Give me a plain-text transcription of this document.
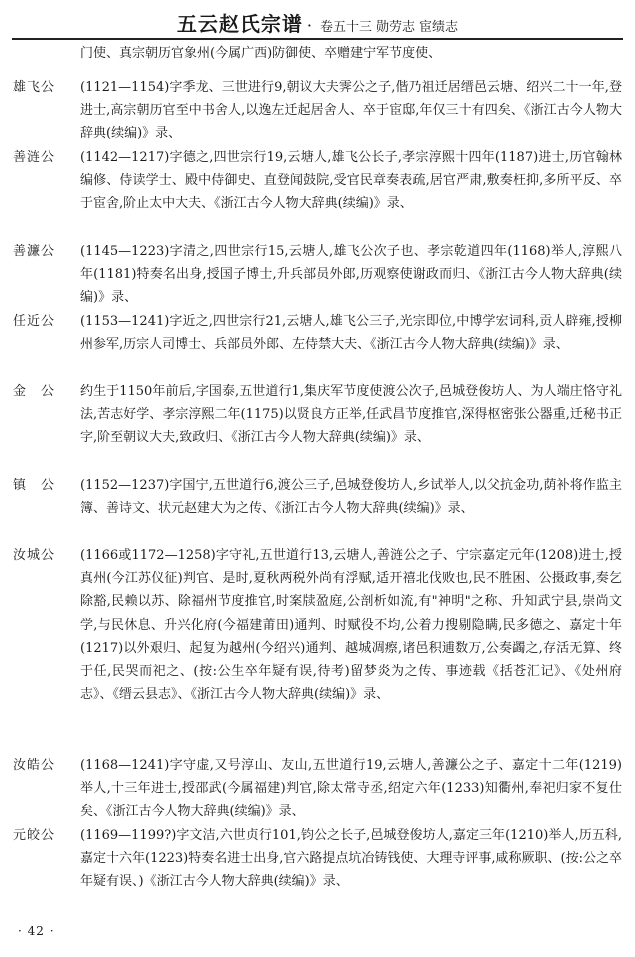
五云赵氏宗谱 · 卷五十三 勋劳志 宦绩志
门使、真宗朝历官象州(今属广西)防御使、卒赠建宁军节度使、
雄飞公	(1121—1154)字季龙、三世进行9,朝议大夫霁公之子,偕乃祖迁居缙邑云塘、绍兴二十一年,登进士,高宗朝历官至中书舍人,以逸左迁起居舍人、卒于宦邸,年仅三十有四矣、《浙江古今人物大辞典(续编)》录、
善涟公	(1142—1217)字德之,四世宗行19,云塘人,雄飞公长子,孝宗淳熙十四年(1187)进士,历官翰林编修、侍读学士、殿中侍御史、直登闻鼓院,受官民章奏表疏,居官严肃,敷奏枉抑,多所平反、卒于宦舍,阶止太中大夫、《浙江古今人物大辞典(续编)》录、
善濂公	(1145—1223)字清之,四世宗行15,云塘人,雄飞公次子也、孝宗乾道四年(1168)举人,淳熙八年(1181)特奏名出身,授国子博士,升兵部员外郎,历观察使谢政而归、《浙江古今人物大辞典(续编)》录、
任近公	(1153—1241)字近之,四世宗行21,云塘人,雄飞公三子,光宗即位,中博学宏词科,贡人辟雍,授柳州参军,历宗人司博士、兵部员外郎、左侍禁大夫、《浙江古今人物大辞典(续编)》录、
金　公	约生于1150年前后,字国泰,五世道行1,集庆军节度使渡公次子,邑城登俊坊人、为人端庄恪守礼法,苦志好学、孝宗淳熙二年(1175)以贤良方正举,任武昌节度推官,深得枢密张公器重,迁秘书正字,阶至朝议大夫,致政归、《浙江古今人物大辞典(续编)》录、
镇　公	(1152—1237)字国宁,五世道行6,渡公三子,邑城登俊坊人,乡试举人,以父抗金功,荫补将作监主簿、善诗文、状元赵建大为之传、《浙江古今人物大辞典(续编)》录、
汝城公	(1166或1172—1258)字守礼,五世道行13,云塘人,善涟公之子、宁宗嘉定元年(1208)进士,授真州(今江苏仪征)判官、是时,夏秋两税外尚有浮赋,适开禧北伐败也,民不胜困、公摄政事,奏乞除豁,民赖以苏、除福州节度推官,时案牍盈庭,公剖析如流,有"神明"之称、升知武宁县,崇尚文学,与民休息、升兴化府(今福建莆田)通判、时赋役不均,公着力搜剔隐瞒,民多德之、嘉定十年(1217)以外艰归、起复为越州(今绍兴)通判、越城凋瘵,诸邑积逋数万,公奏蠲之,存活无算、终于任,民哭而祀之、(按:公生卒年疑有误,待考)留梦炎为之传、事迹载《括苍汇记》、《处州府志》、《缙云县志》、《浙江古今人物大辞典(续编)》录、
汝皓公	(1168—1241)字守虚,又号淳山、友山,五世道行19,云塘人,善濂公之子、嘉定十二年(1219)举人,十三年进士,授邵武(今属福建)判官,除太常寺丞,绍定六年(1233)知衢州,奉祀归家不复仕矣、《浙江古今人物大辞典(续编)》录、
元皎公	(1169—1199?)字文洁,六世贞行101,钧公之长子,邑城登俊坊人,嘉定三年(1210)举人,历五科,嘉定十六年(1223)特奏名进士出身,官六路提点坑冶铸钱使、大理寺评事,咸称厥职、(按:公之卒年疑有误、)《浙江古今人物大辞典(续编)》录、
· 42 ·
